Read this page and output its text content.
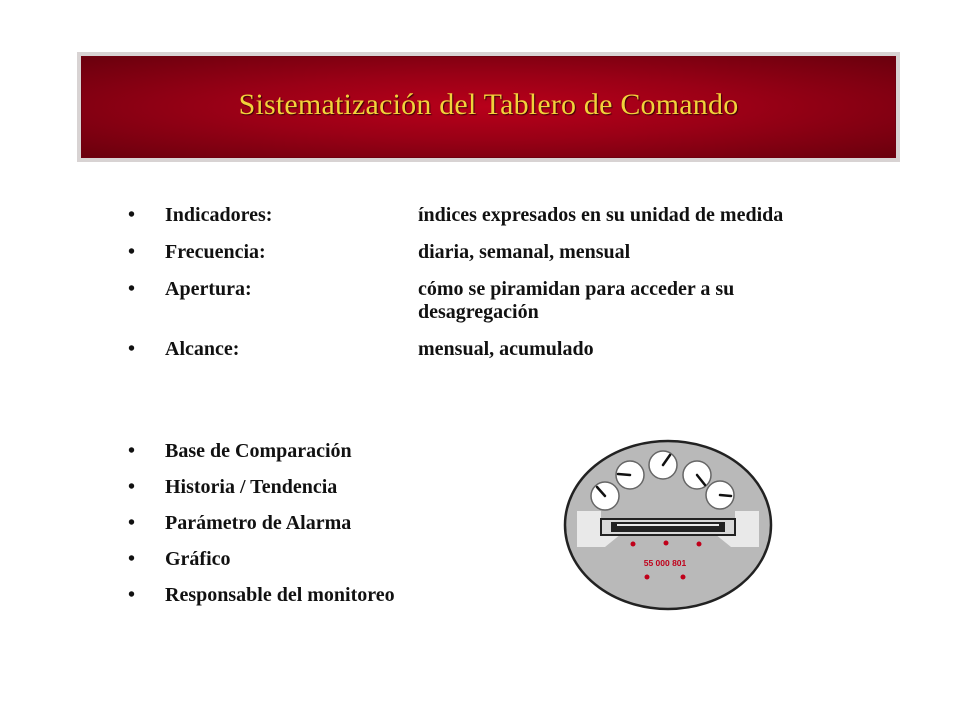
Sistematización del Tablero de Comando
•	Indicadores:	índices expresados en su unidad de medida
•	Frecuencia:	diaria, semanal, mensual
•	Apertura:	cómo se piramidan para acceder a su desagregación
•	Alcance:	mensual, acumulado
•	Base de Comparación
•	Historia / Tendencia
•	Parámetro de Alarma
•	Gráfico
•	Responsable del monitoreo
55 000 801
